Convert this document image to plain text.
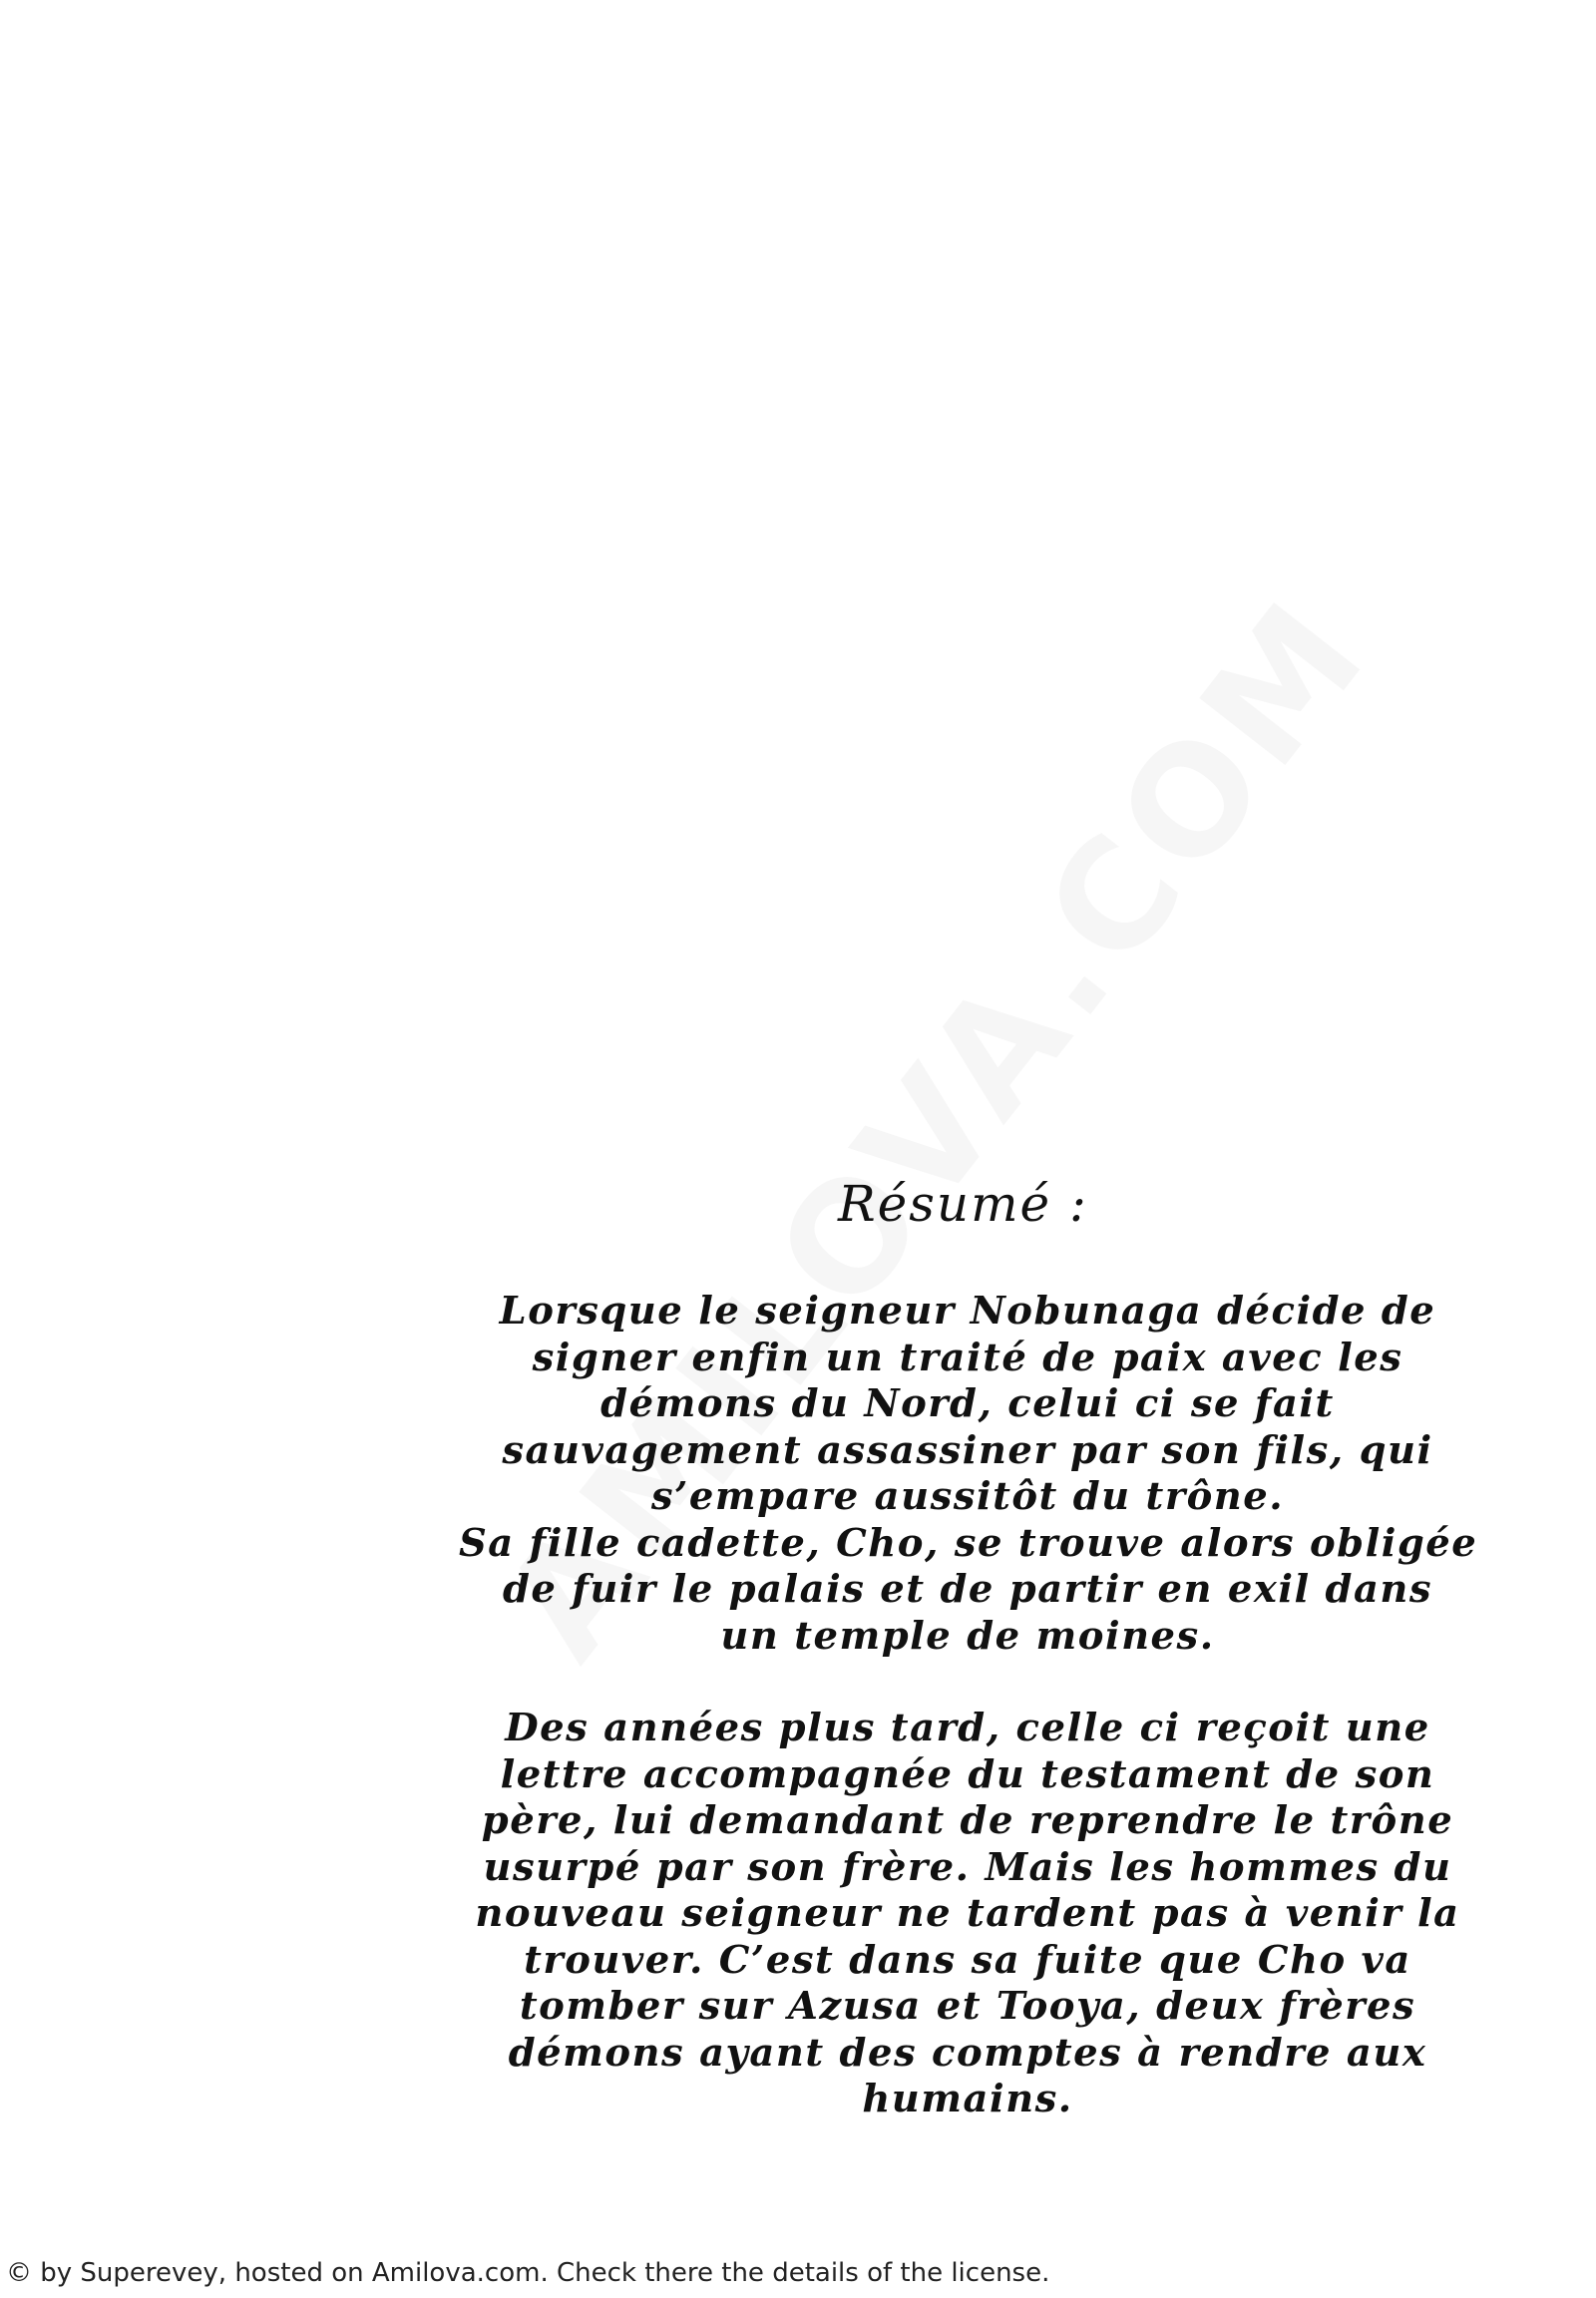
Résumé :
Lorsque le seigneur Nobunaga décide de
signer enfin un traité de paix avec les
démons du Nord, celui ci se fait
sauvagement assassiner par son fils, qui
s’empare aussitôt du trône.
Sa fille cadette, Cho, se trouve alors obligée
de fuir le palais et de partir en exil dans
un temple de moines.
Des années plus tard, celle ci reçoit une
lettre accompagnée du testament de son
père, lui demandant de reprendre le trône
usurpé par son frère. Mais les hommes du
nouveau seigneur ne tardent pas à venir la
trouver. C’est dans sa fuite que Cho va
tomber sur Azusa et Tooya, deux frères
démons ayant des comptes à rendre aux
humains.
© by Superevey, hosted on Amilova.com. Check there the details of the license.
